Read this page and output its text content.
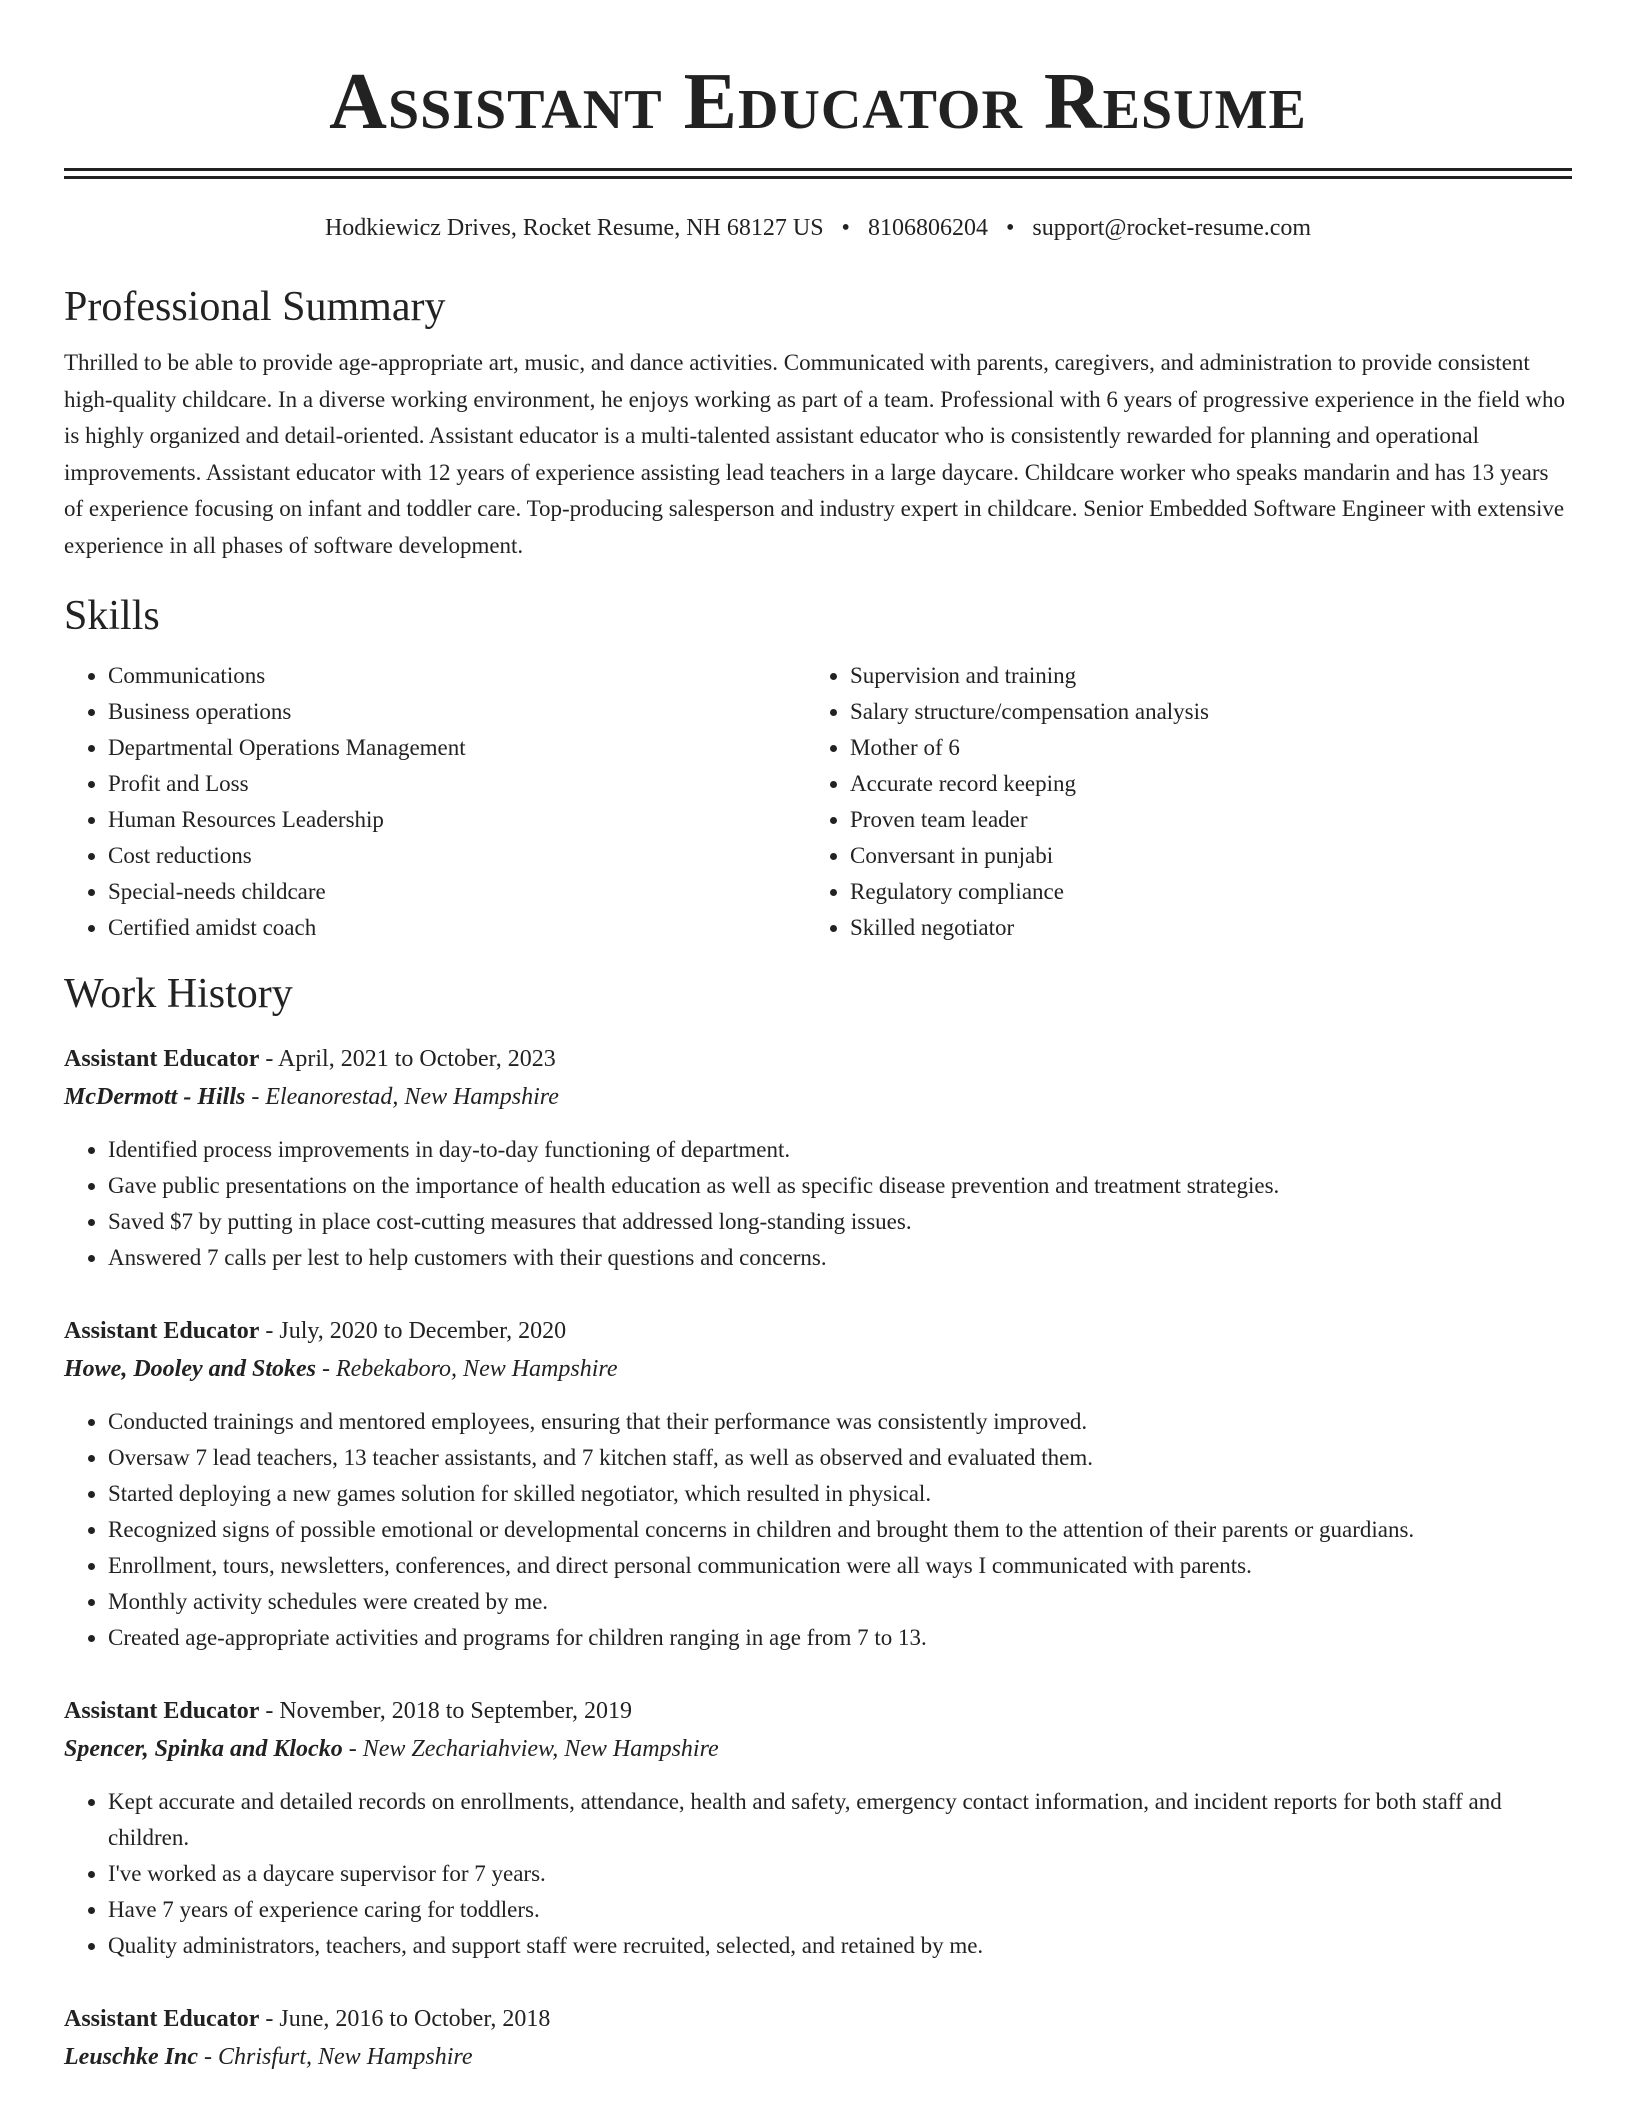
Assistant Educator Resume
Hodkiewicz Drives, Rocket Resume, NH 68127 US • 8106806204 • support@rocket-resume.com
Professional Summary

Thrilled to be able to provide age-appropriate art, music, and dance activities. Communicated with parents, caregivers, and administration to provide consistent high-quality childcare. In a diverse working environment, he enjoys working as part of a team. Professional with 6 years of progressive experience in the field who is highly organized and detail-oriented. Assistant educator is a multi-talented assistant educator who is consistently rewarded for planning and operational improvements. Assistant educator with 12 years of experience assisting lead teachers in a large daycare. Childcare worker who speaks mandarin and has 13 years of experience focusing on infant and toddler care. Top-producing salesperson and industry expert in childcare. Senior Embedded Software Engineer with extensive experience in all phases of software development.

Skills
• Communications
• Business operations
• Departmental Operations Management
• Profit and Loss
• Human Resources Leadership
• Cost reductions
• Special-needs childcare
• Certified amidst coach
• Supervision and training
• Salary structure/compensation analysis
• Mother of 6
• Accurate record keeping
• Proven team leader
• Conversant in punjabi
• Regulatory compliance
• Skilled negotiator
Work History
Assistant Educator - April, 2021 to October, 2023
McDermott - Hills - Eleanorestad, New Hampshire
• Identified process improvements in day-to-day functioning of department.
• Gave public presentations on the importance of health education as well as specific disease prevention and treatment strategies.
• Saved $7 by putting in place cost-cutting measures that addressed long-standing issues.
• Answered 7 calls per lest to help customers with their questions and concerns.
Assistant Educator - July, 2020 to December, 2020
Howe, Dooley and Stokes - Rebekaboro, New Hampshire
• Conducted trainings and mentored employees, ensuring that their performance was consistently improved.
• Oversaw 7 lead teachers, 13 teacher assistants, and 7 kitchen staff, as well as observed and evaluated them.
• Started deploying a new games solution for skilled negotiator, which resulted in physical.
• Recognized signs of possible emotional or developmental concerns in children and brought them to the attention of their parents or guardians.
• Enrollment, tours, newsletters, conferences, and direct personal communication were all ways I communicated with parents.
• Monthly activity schedules were created by me.
• Created age-appropriate activities and programs for children ranging in age from 7 to 13.
Assistant Educator - November, 2018 to September, 2019
Spencer, Spinka and Klocko - New Zechariahview, New Hampshire
• Kept accurate and detailed records on enrollments, attendance, health and safety, emergency contact information, and incident reports for both staff and children.
• I've worked as a daycare supervisor for 7 years.
• Have 7 years of experience caring for toddlers.
• Quality administrators, teachers, and support staff were recruited, selected, and retained by me.
Assistant Educator - June, 2016 to October, 2018
Leuschke Inc - Chrisfurt, New Hampshire
